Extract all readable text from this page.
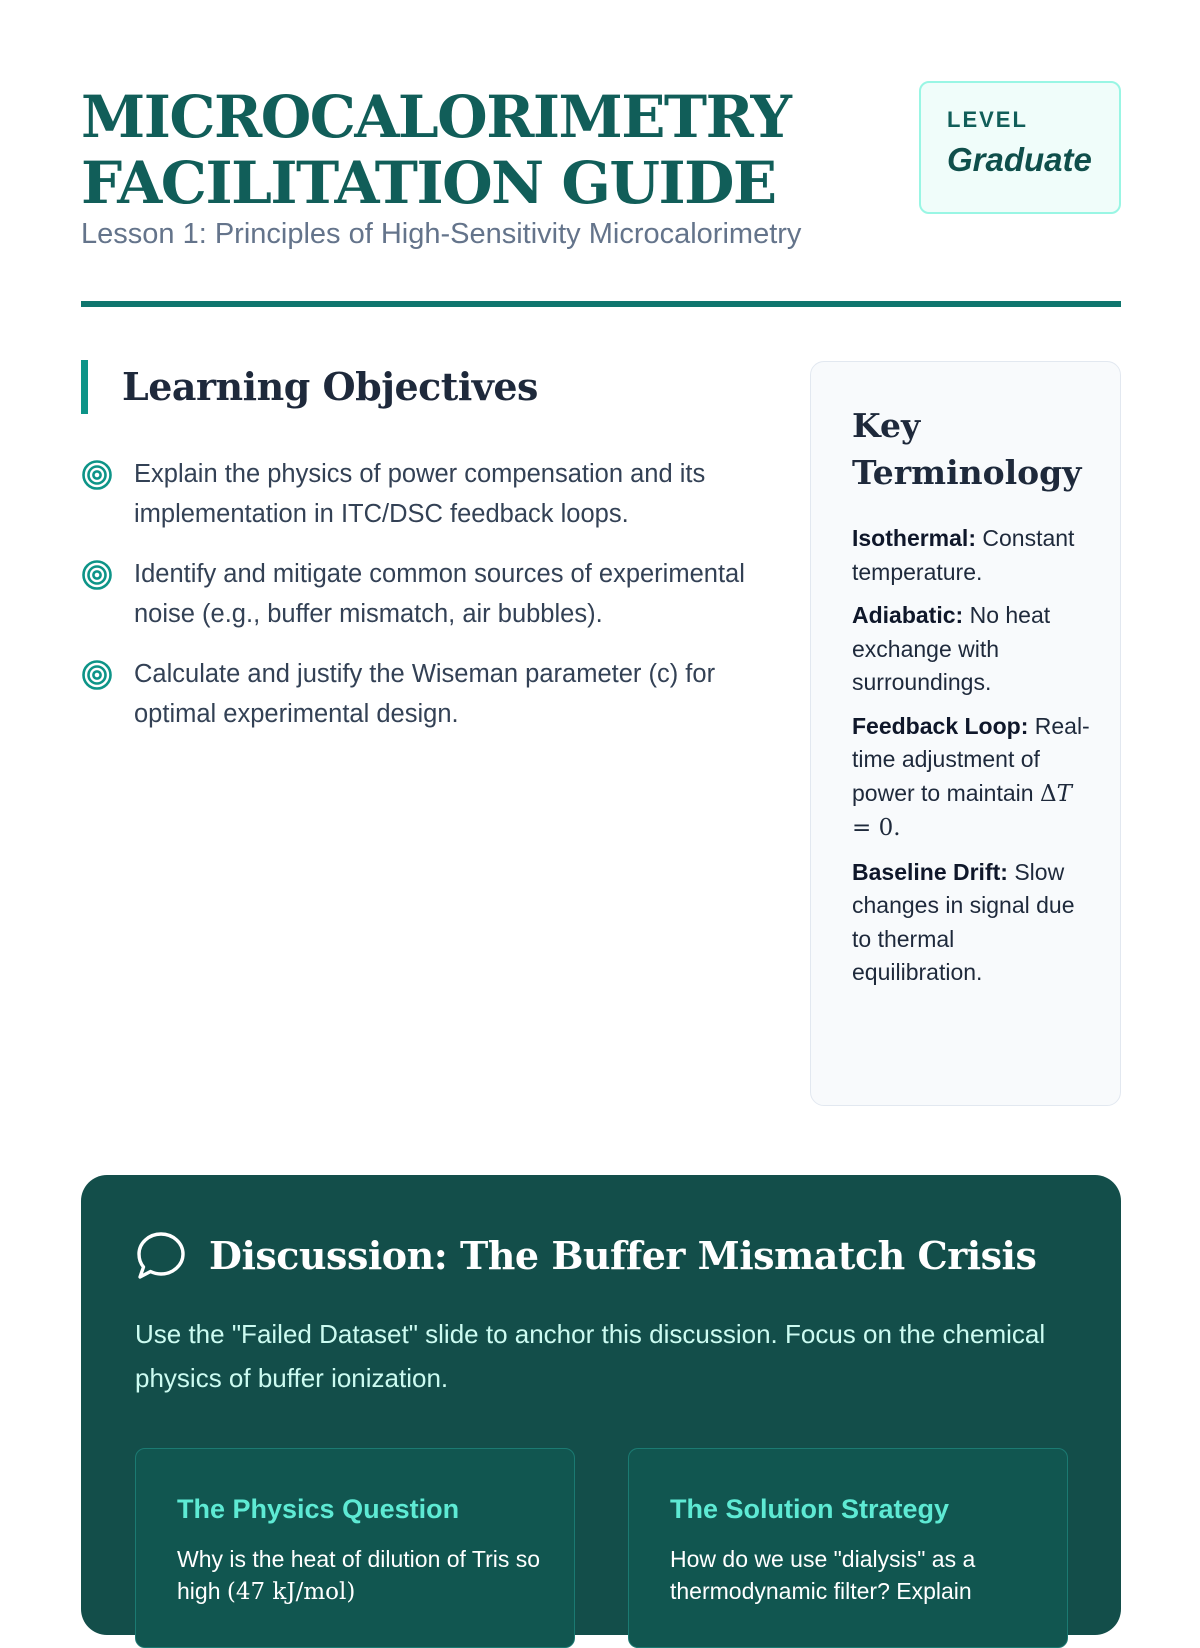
MICROCALORIMETRY
FACILITATION GUIDE

Lesson 1: Principles of High-Sensitivity Microcalorimetry

LEVEL
Graduate
Learning Objectives
Explain the physics of power compensation and its implementation in ITC/DSC feedback loops.
Identify and mitigate common sources of experimental noise (e.g., buffer mismatch, air bubbles).
Calculate and justify the Wiseman parameter (c) for optimal experimental design.
Key Terminology
Isothermal: Constant temperature.
Adiabatic: No heat exchange with surroundings.
Feedback Loop: Real-time adjustment of power to maintain ΔT
= 0.
Baseline Drift: Slow changes in signal due to thermal equilibration.
Discussion: The Buffer Mismatch Crisis

Use the "Failed Dataset" slide to anchor this discussion. Focus on the chemical physics of buffer ionization.

The Physics Question

Why is the heat of dilution of Tris so high (47 kJ/mol)

The Solution Strategy

How do we use "dialysis" as a thermodynamic filter? Explain
